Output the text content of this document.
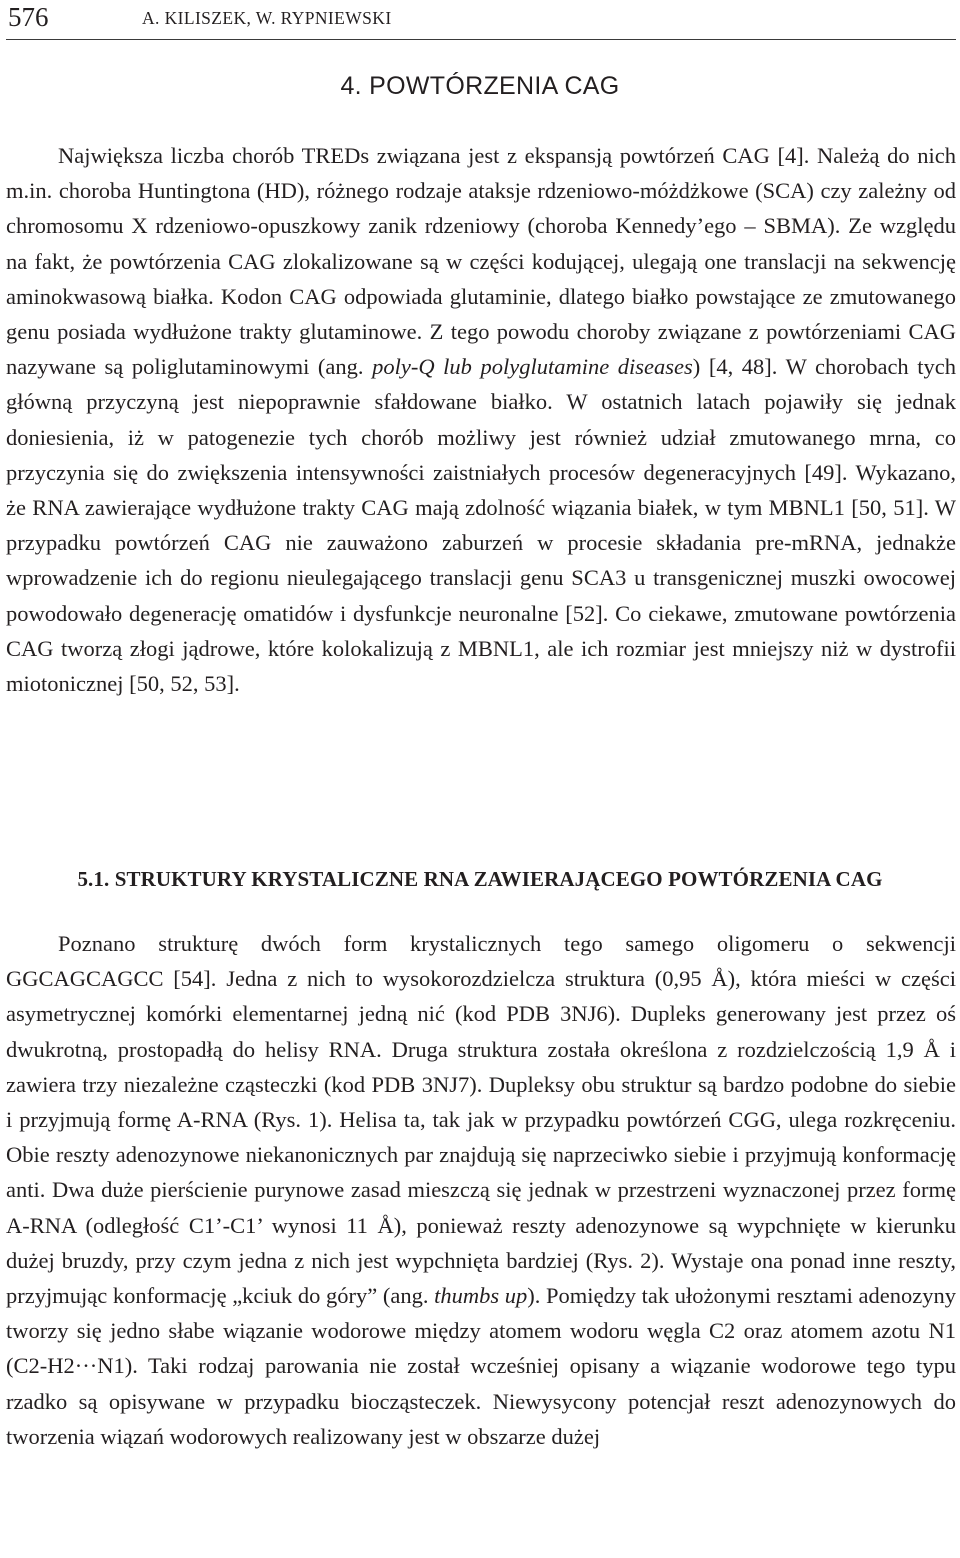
576	A. KILISZEK, W. RYPNIEWSKI
4. POWTÓRZENIA CAG

Największa liczba chorób TREDs związana jest z ekspansją powtórzeń CAG [4]. Należą do nich m.in. choroba Huntingtona (HD), różnego rodzaje ataksje rdzeniowo-móżdżkowe (SCA) czy zależny od chromosomu X rdzeniowo-opuszkowy zanik rdzeniowy (choroba Kennedy’ego – SBMA). Ze względu na fakt, że powtórzenia CAG zlokalizowane są w części kodującej, ulegają one translacji na sekwencję aminokwasową białka. Kodon CAG odpowiada glutaminie, dlatego białko powstające ze zmutowanego genu posiada wydłużone trakty glutaminowe. Z tego powodu choroby związane z powtórzeniami CAG nazywane są poliglutaminowymi (ang. poly-Q lub polyglutamine diseases) [4, 48]. W chorobach tych główną przyczyną jest niepoprawnie sfałdowane białko. W ostatnich latach pojawiły się jednak doniesienia, iż w patogenezie tych chorób możliwy jest również udział zmutowanego mrna, co przyczynia się do zwiększenia intensywności zaistniałych procesów degeneracyjnych [49]. Wykazano, że RNA zawierające wydłużone trakty CAG mają zdolność wiązania białek, w tym MBNL1 [50, 51]. W przypadku powtórzeń CAG nie zauważono zaburzeń w procesie składania pre-mRNA, jednakże wprowadzenie ich do regionu nieulegającego translacji genu SCA3 u transgenicznej muszki owocowej powodowało degenerację omatidów i dysfunkcje neuronalne [52]. Co ciekawe, zmutowane powtórzenia CAG tworzą złogi jądrowe, które kolokalizują z MBNL1, ale ich rozmiar jest mniejszy niż w dystrofii miotonicznej [50, 52, 53].

5.1. STRUKTURY KRYSTALICZNE RNA ZAWIERAJĄCEGO POWTÓRZENIA CAG

Poznano strukturę dwóch form krystalicznych tego samego oligomeru o sekwencji GGCAGCAGCC [54]. Jedna z nich to wysokorozdzielcza struktura (0,95 Å), która mieści w części asymetrycznej komórki elementarnej jedną nić (kod PDB 3NJ6). Dupleks generowany jest przez oś dwukrotną, prostopadłą do helisy RNA. Druga struktura została określona z rozdzielczością 1,9 Å i zawiera trzy niezależne cząsteczki (kod PDB 3NJ7). Dupleksy obu struktur są bardzo podobne do siebie i przyjmują formę A-RNA (Rys. 1). Helisa ta, tak jak w przypadku powtórzeń CGG, ulega rozkręceniu. Obie reszty adenozynowe niekanonicznych par znajdują się naprzeciwko siebie i przyjmują konformację anti. Dwa duże pierścienie purynowe zasad mieszczą się jednak w przestrzeni wyznaczonej przez formę A-RNA (odległość C1’-C1’ wynosi 11 Å), ponieważ reszty adenozynowe są wypchnięte w kierunku dużej bruzdy, przy czym jedna z nich jest wypchnięta bardziej (Rys. 2). Wystaje ona ponad inne reszty, przyjmując konformację „kciuk do góry” (ang. thumbs up). Pomiędzy tak ułożonymi resztami adenozyny tworzy się jedno słabe wiązanie wodorowe między atomem wodoru węgla C2 oraz atomem azotu N1 (C2-H2···N1). Taki rodzaj parowania nie został wcześniej opisany a wiązanie wodorowe tego typu rzadko są opisywane w przypadku biocząsteczek. Niewysycony potencjał reszt adenozynowych do tworzenia wiązań wodorowych realizowany jest w obszarze dużej
